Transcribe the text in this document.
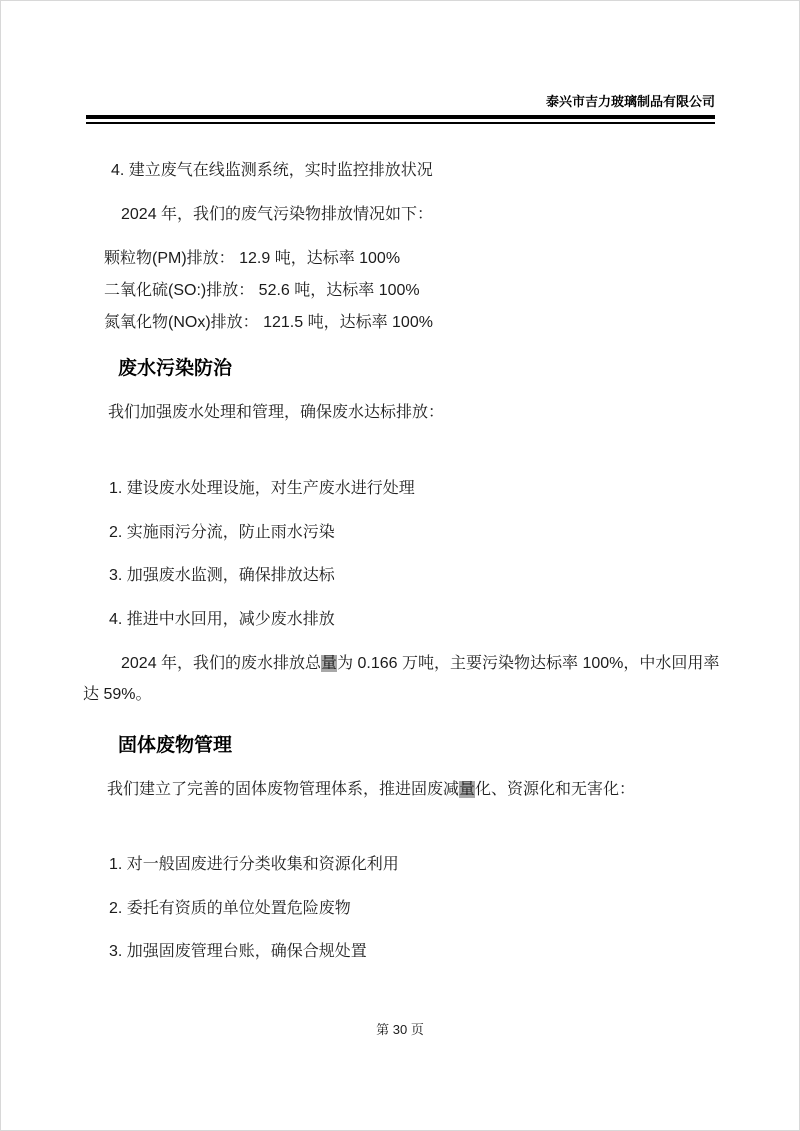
泰兴市吉力玻璃制品有限公司
4. 建立废气在线监测系统，实时监控排放状况
2024 年，我们的废气污染物排放情况如下：
颗粒物(PM)排放： 12.9 吨，达标率 100%
二氧化硫(SO:)排放： 52.6 吨，达标率 100%
氮氧化物(NOx)排放： 121.5 吨，达标率 100%
废水污染防治
我们加强废水处理和管理，确保废水达标排放：
1. 建设废水处理设施，对生产废水进行处理
2. 实施雨污分流，防止雨水污染
3. 加强废水监测，确保排放达标
4. 推进中水回用，减少废水排放
2024 年，我们的废水排放总量为 0.166 万吨，主要污染物达标率 100%，中水回用率
达 59%。
固体废物管理
我们建立了完善的固体废物管理体系，推进固废减量化、资源化和无害化：
1. 对一般固废进行分类收集和资源化利用
2. 委托有资质的单位处置危险废物
3. 加强固废管理台账，确保合规处置
第 30 页
